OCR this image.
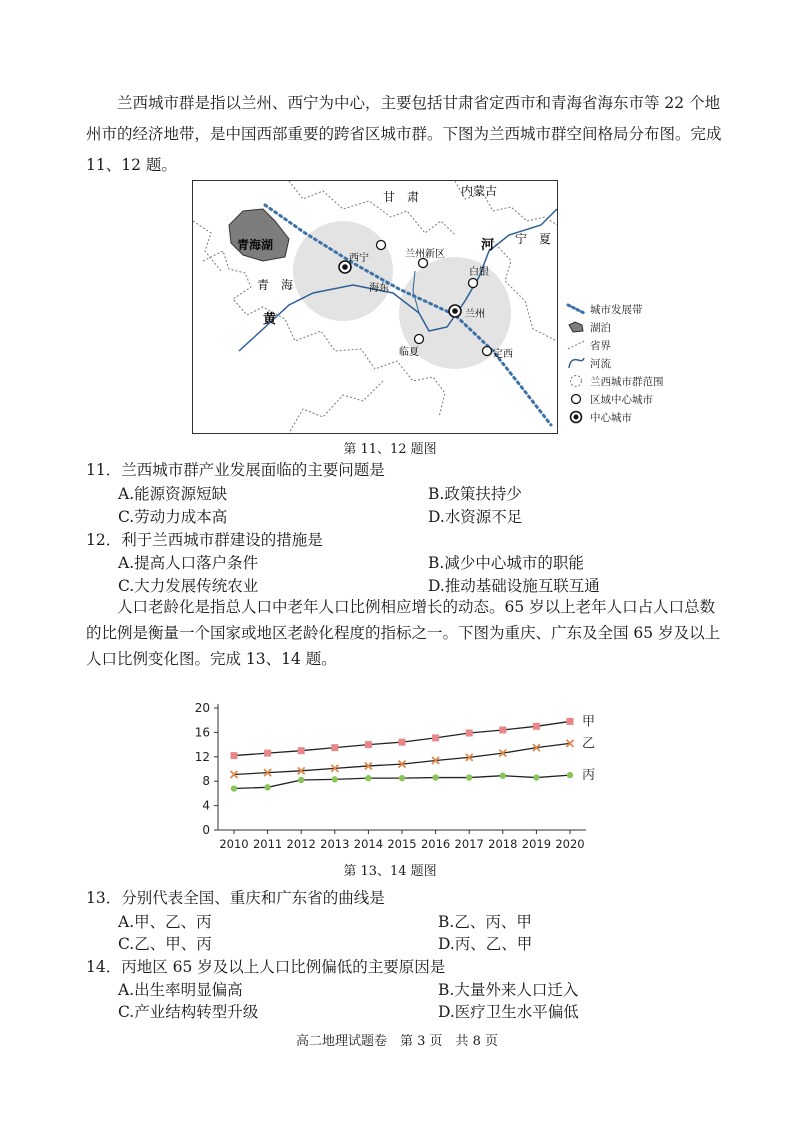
兰西城市群是指以兰州、西宁为中心，主要包括甘肃省定西市和青海省海东市等 22 个地州市的经济地带，是中国西部重要的跨省区城市群。下图为兰西城市群空间格局分布图。完成 11、12 题。

甘　肃	内蒙古
宁　夏
青海湖
青　海
黄
河
西宁
海东
兰州新区
白银
兰州
临夏	定西
城市发展带
湖泊
省界
河流
兰西城市群范围
区域中心城市
中心城市
第 11、12 题图
11．兰西城市群产业发展面临的主要问题是
A.能源资源短缺	B.政策扶持少
C.劳动力成本高	D.水资源不足
12．利于兰西城市群建设的措施是
A.提高人口落户条件	B.减少中心城市的职能
C.大力发展传统农业	D.推动基础设施互联互通

人口老龄化是指总人口中老年人口比例相应增长的动态。65 岁以上老年人口占人口总数的比例是衡量一个国家或地区老龄化程度的指标之一。下图为重庆、广东及全国 65 岁及以上人口比例变化图。完成 13、14 题。

0
4
8
12
16
20
2010 2011 2012 2013 2014 2015 2016 2017 2018 2019 2020
甲
乙
丙
第 13、14 题图
13．分别代表全国、重庆和广东省的曲线是
A.甲、乙、丙	B.乙、丙、甲
C.乙、甲、丙	D.丙、乙、甲
14．丙地区 65 岁及以上人口比例偏低的主要原因是
A.出生率明显偏高	B.大量外来人口迁入
C.产业结构转型升级	D.医疗卫生水平偏低
高二地理试题卷　第 3 页　共 8 页
